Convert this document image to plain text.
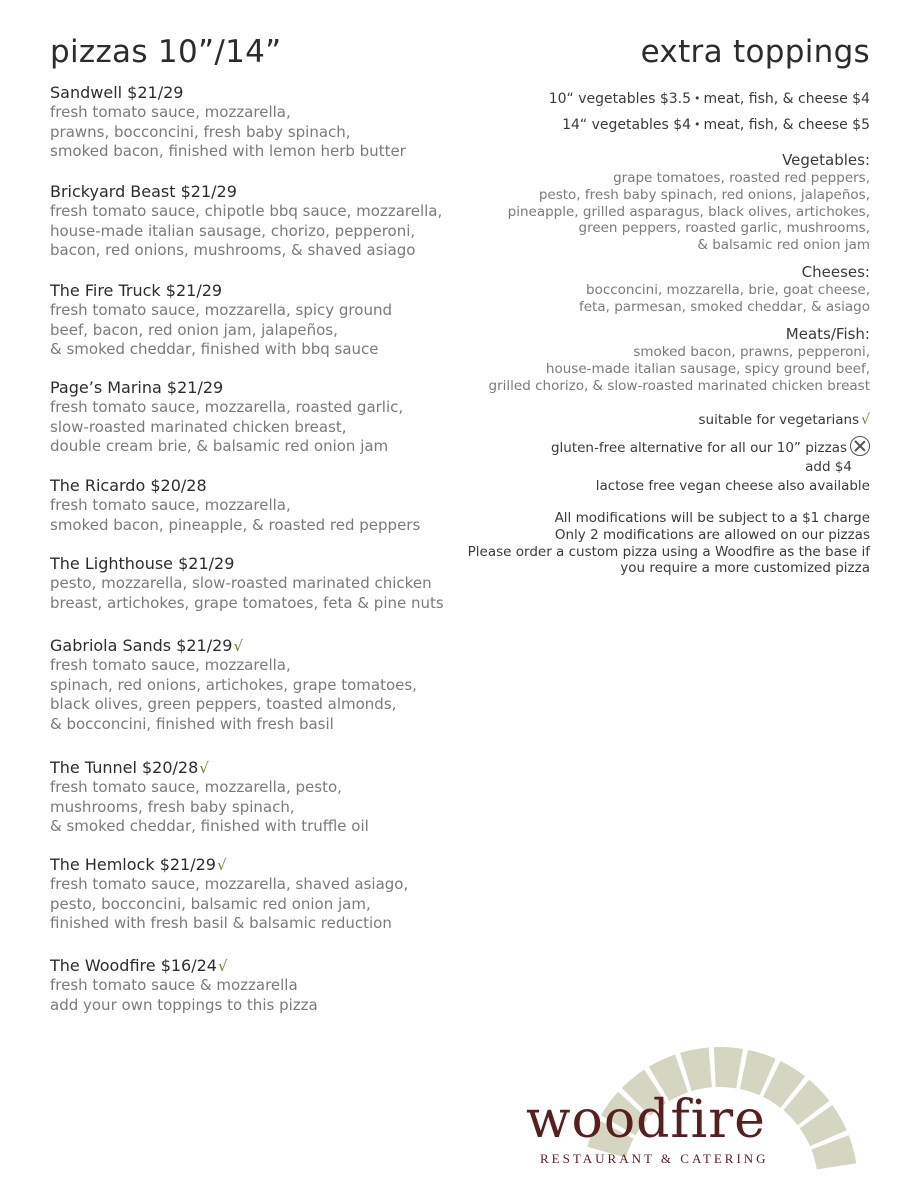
pizzas 10”/14”	extra toppings
Sandwell $21/29
fresh tomato sauce, mozzarella,
prawns, bocconcini, fresh baby spinach,
smoked bacon, finished with lemon herb butter
Brickyard Beast $21/29
fresh tomato sauce, chipotle bbq sauce, mozzarella,
house-made italian sausage, chorizo, pepperoni,
bacon, red onions, mushrooms, & shaved asiago
The Fire Truck $21/29
fresh tomato sauce, mozzarella, spicy ground
beef, bacon, red onion jam, jalapeños,
& smoked cheddar, finished with bbq sauce
Page’s Marina $21/29
fresh tomato sauce, mozzarella, roasted garlic,
slow-roasted marinated chicken breast,
double cream brie, & balsamic red onion jam
The Ricardo $20/28
fresh tomato sauce, mozzarella,
smoked bacon, pineapple, & roasted red peppers
The Lighthouse $21/29
pesto, mozzarella, slow-roasted marinated chicken
breast, artichokes, grape tomatoes, feta & pine nuts
Gabriola Sands $21/29√
fresh tomato sauce, mozzarella,
spinach, red onions, artichokes, grape tomatoes,
black olives, green peppers, toasted almonds,
& bocconcini, finished with fresh basil
The Tunnel $20/28√
fresh tomato sauce, mozzarella, pesto,
mushrooms, fresh baby spinach,
& smoked cheddar, finished with truffle oil
The Hemlock $21/29√
fresh tomato sauce, mozzarella, shaved asiago,
pesto, bocconcini, balsamic red onion jam,
finished with fresh basil & balsamic reduction
The Woodfire $16/24√
fresh tomato sauce & mozzarella
add your own toppings to this pizza
10“ vegetables $3.5 • meat, fish, & cheese $4
14“ vegetables $4 • meat, fish, & cheese $5
Vegetables:
grape tomatoes, roasted red peppers,
pesto, fresh baby spinach, red onions, jalapeños,
pineapple, grilled asparagus, black olives, artichokes,
green peppers, roasted garlic, mushrooms,
& balsamic red onion jam
Cheeses:
bocconcini, mozzarella, brie, goat cheese,
feta, parmesan, smoked cheddar, & asiago
Meats/Fish:
smoked bacon, prawns, pepperoni,
house-made italian sausage, spicy ground beef,
grilled chorizo, & slow-roasted marinated chicken breast
suitable for vegetarians √
gluten-free alternative for all our 10” pizzas
add $4
lactose free vegan cheese also available
All modifications will be subject to a $1 charge
Only 2 modifications are allowed on our pizzas
Please order a custom pizza using a Woodfire as the base if
you require a more customized pizza

woodfire

RESTAURANT & CATERING
